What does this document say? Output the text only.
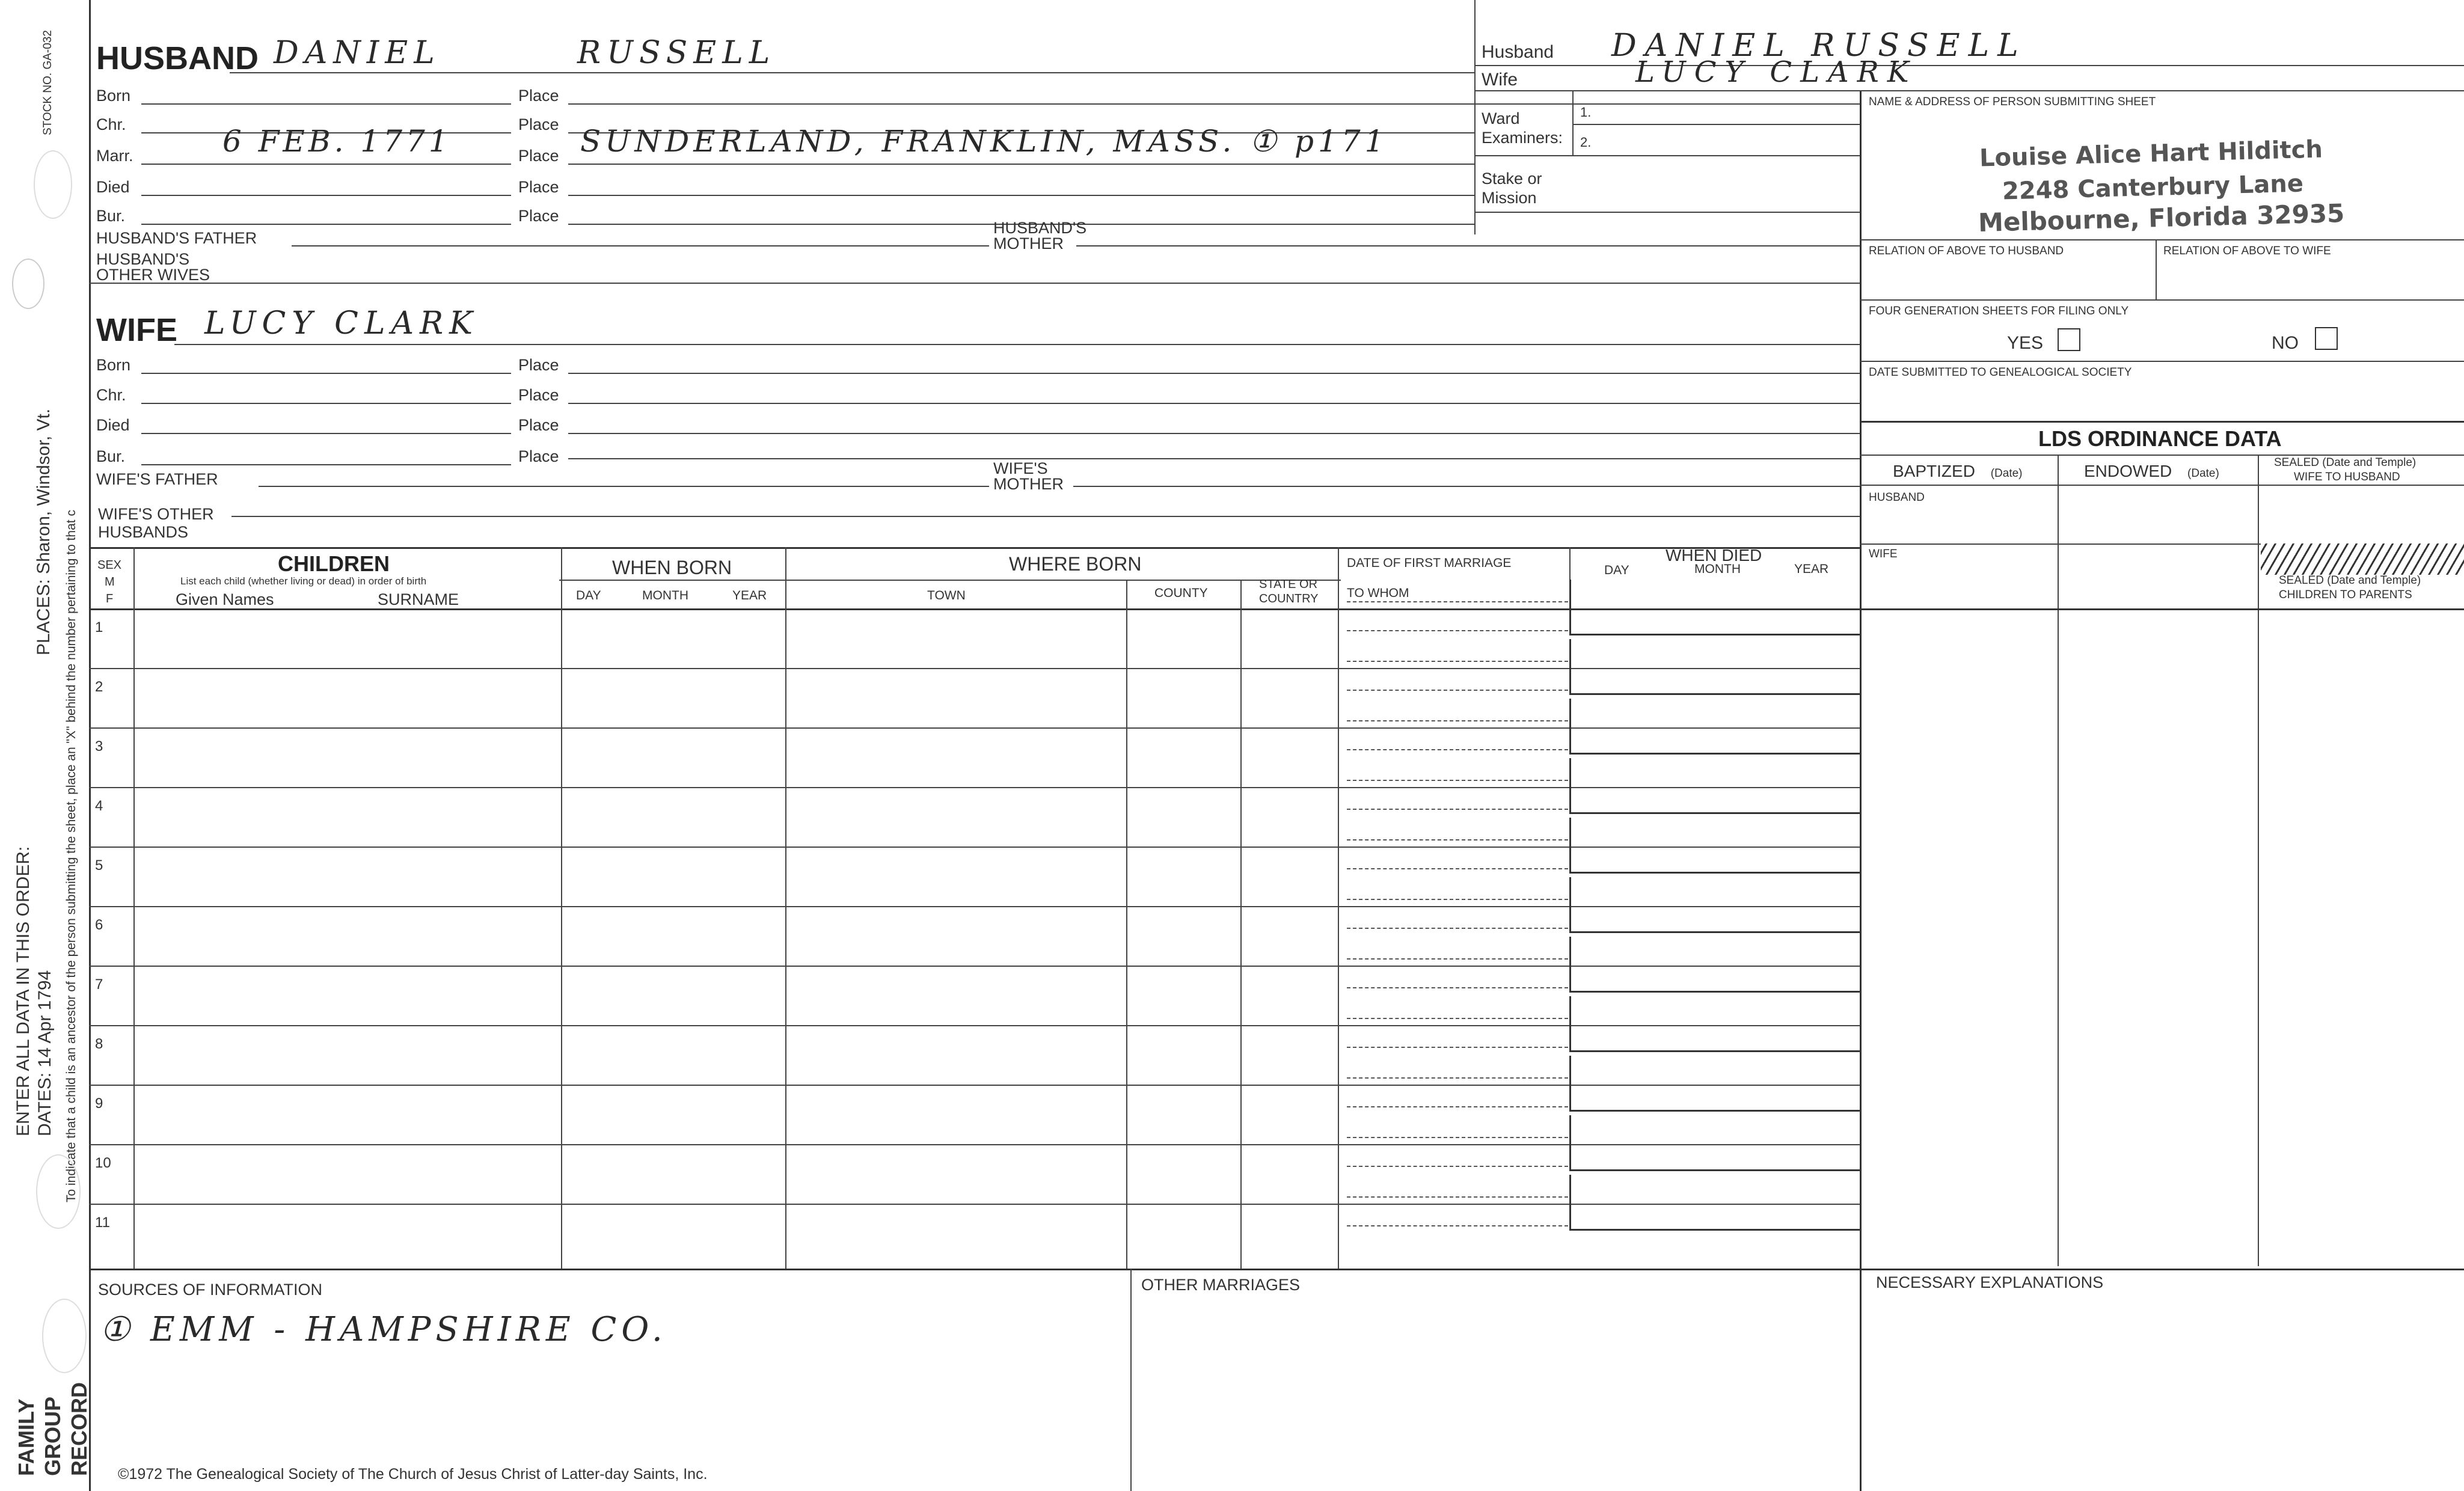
STOCK NO. GA-032
PLACES: Sharon, Windsor, Vt.
ENTER ALL DATA IN THIS ORDER: DATES: 14 Apr 1794 To indicate that a child is an ancestor of the person submitting the sheet, place an "X" behind the number pertaining to that c
FAMILY GROUP RECORD
HUSBAND DANIEL	RUSSELL
Born	Place
Chr.	Place
Marr.	6 FEB. 1771	Place SUNDERLAND, FRANKLIN, MASS. ① p171
Died	Place
Bur.	Place
HUSBAND'S FATHER
HUSBAND'S
MOTHER
HUSBAND'S
OTHER WIVES
WIFE LUCY CLARK
Born	Place
Chr.	Place
Died	Place
Bur.	Place
WIFE'S FATHER
WIFE'S
MOTHER
WIFE'S OTHER
HUSBANDS
Husband DANIEL RUSSELL
Wife	LUCY CLARK
Ward
Examiners:
1.
2.
Stake or
Mission
NAME & ADDRESS OF PERSON SUBMITTING SHEET
Louise Alice Hart Hilditch
2248 Canterbury Lane
Melbourne, Florida 32935
RELATION OF ABOVE TO HUSBAND	RELATION OF ABOVE TO WIFE
FOUR GENERATION SHEETS FOR FILING ONLY
YES	NO
DATE SUBMITTED TO GENEALOGICAL SOCIETY
LDS ORDINANCE DATA
BAPTIZED (Date)	ENDOWED (Date)
SEALED (Date and Temple)
WIFE TO HUSBAND
HUSBAND
WIFE
SEALED (Date and Temple)
CHILDREN TO PARENTS
SEX
M
F
CHILDREN
List each child (whether living or dead) in order of birth
Given Names	SURNAME
WHEN BORN
DAY	MONTH	YEAR
WHERE BORN
TOWN	COUNTY
STATE OR
COUNTRY
DATE OF FIRST MARRIAGE
TO WHOM
WHEN DIED
DAY	MONTH	YEAR
1
2
3
4
5
6
7
8
9
10
11
SOURCES OF INFORMATION
① EMM - HAMPSHIRE CO.
OTHER MARRIAGES	NECESSARY EXPLANATIONS
©1972 The Genealogical Society of The Church of Jesus Christ of Latter-day Saints, Inc.
